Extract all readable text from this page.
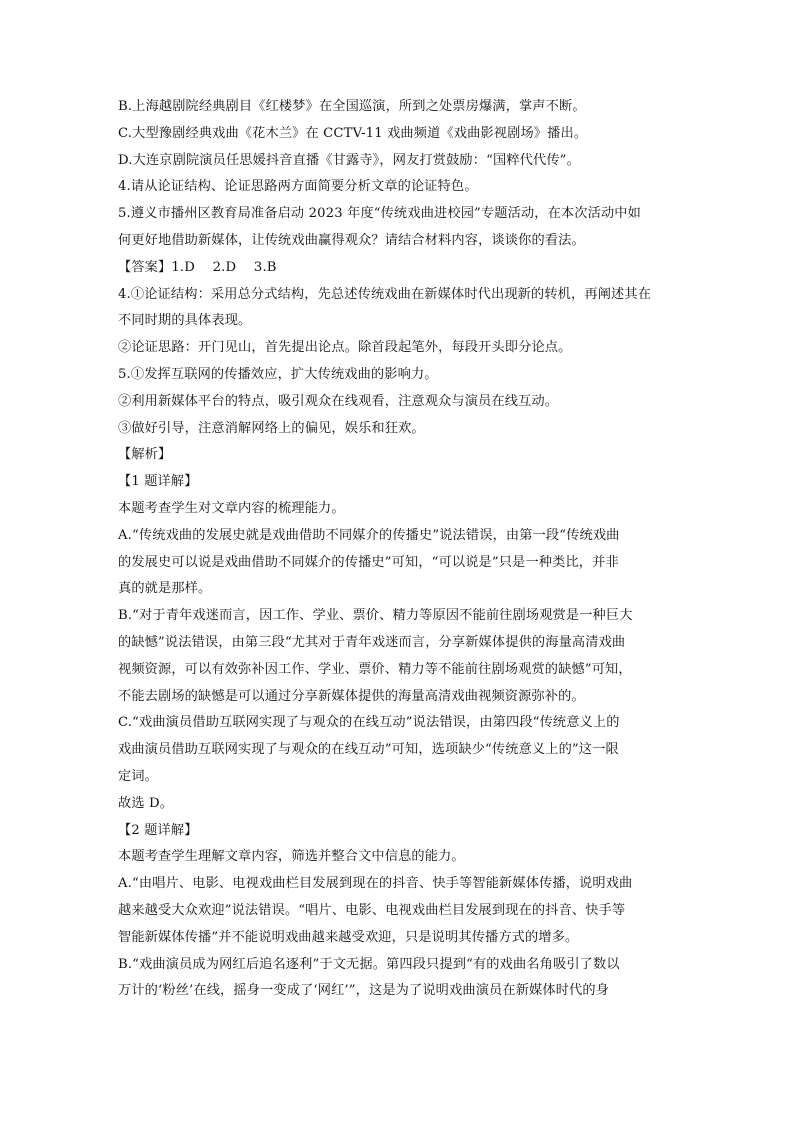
B.上海越剧院经典剧目《红楼梦》在全国巡演，所到之处票房爆满，掌声不断。
C.大型豫剧经典戏曲《花木兰》在 CCTV-11 戏曲频道《戏曲影视剧场》播出。
D.大连京剧院演员任思媛抖音直播《甘露寺》，网友打赏鼓励：“国粹代代传”。
4.请从论证结构、论证思路两方面简要分析文章的论证特色。
5.遵义市播州区教育局准备启动 2023 年度“传统戏曲进校园”专题活动，在本次活动中如
何更好地借助新媒体，让传统戏曲赢得观众？请结合材料内容，谈谈你的看法。
【答案】1.D　 2.D　 3.B
4.①论证结构：采用总分式结构，先总述传统戏曲在新媒体时代出现新的转机，再阐述其在
不同时期的具体表现。
②论证思路：开门见山，首先提出论点。除首段起笔外，每段开头即分论点。
5.①发挥互联网的传播效应，扩大传统戏曲的影响力。
②利用新媒体平台的特点，吸引观众在线观看，注意观众与演员在线互动。
③做好引导，注意消解网络上的偏见，娱乐和狂欢。
【解析】
【1 题详解】
本题考查学生对文章内容的梳理能力。
A.“传统戏曲的发展史就是戏曲借助不同媒介的传播史”说法错误，由第一段“传统戏曲
的发展史可以说是戏曲借助不同媒介的传播史”可知，“可以说是”只是一种类比，并非
真的就是那样。
B.“对于青年戏迷而言，因工作、学业、票价、精力等原因不能前往剧场观赏是一种巨大
的缺憾”说法错误，由第三段“尤其对于青年戏迷而言，分享新媒体提供的海量高清戏曲
视频资源，可以有效弥补因工作、学业、票价、精力等不能前往剧场观赏的缺憾”可知，
不能去剧场的缺憾是可以通过分享新媒体提供的海量高清戏曲视频资源弥补的。
C.“戏曲演员借助互联网实现了与观众的在线互动”说法错误，由第四段“传统意义上的
戏曲演员借助互联网实现了与观众的在线互动”可知，选项缺少“传统意义上的”这一限
定词。
故选 D。
【2 题详解】
本题考查学生理解文章内容，筛选并整合文中信息的能力。
A.“由唱片、电影、电视戏曲栏目发展到现在的抖音、快手等智能新媒体传播，说明戏曲
越来越受大众欢迎”说法错误。“唱片、电影、电视戏曲栏目发展到现在的抖音、快手等
智能新媒体传播”并不能说明戏曲越来越受欢迎，只是说明其传播方式的增多。
B.“戏曲演员成为网红后追名逐利”于文无据。第四段只提到“有的戏曲名角吸引了数以
万计的‘粉丝’在线，摇身一变成了‘网红’”，这是为了说明戏曲演员在新媒体时代的身
